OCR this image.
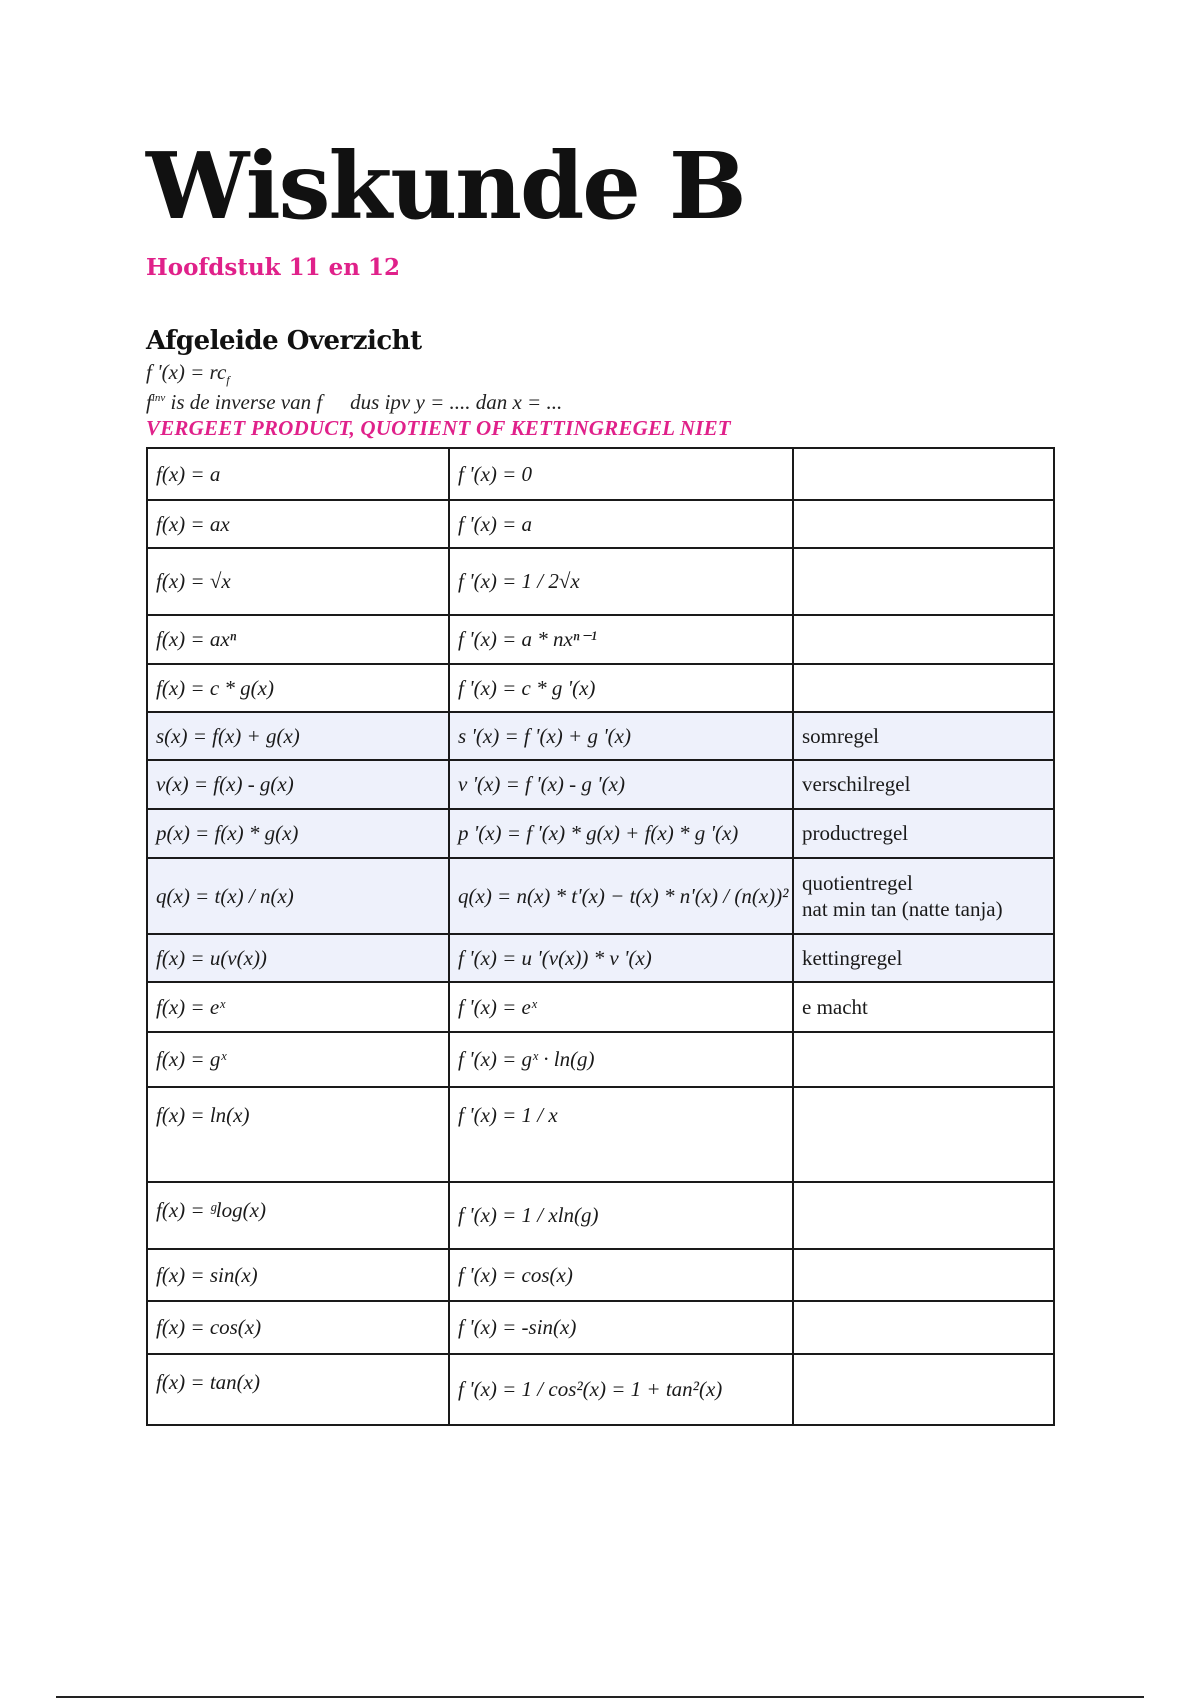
Wiskunde B
Hoofdstuk 11 en 12
Afgeleide Overzicht
f '$(x) = rc_f$
$f^{inv}$ is de inverse van f dus ipv y = .... dan x = ...
VERGEET PRODUCT, QUOTIENT OF KETTINGREGEL NIET
f(x) = a	f '(x) = 0	
f(x) = ax	f '(x) = a	
f(x) = √x	f '(x) = 1 / 2√x	
f(x) = axⁿ	f '(x) = a * nxⁿ⁻¹	
f(x) = c * g(x)	f '(x) = c * g '(x)	
s(x) = f(x) + g(x)	s '(x) = f '(x) + g '(x)	somregel
v(x) = f(x) - g(x)	v '(x) = f '(x) - g '(x)	verschilregel
p(x) = f(x) * g(x)	p '(x) = f '(x) * g(x) + f(x) * g '(x)	productregel
q(x) = t(x) / n(x)	q(x) = n(x) * t'(x) − t(x) * n'(x) / (n(x))²	quotientregel
nat min tan (natte tanja)

f(x) = u(v(x))	f '(x) = u '(v(x)) * v '(x)	kettingregel
f(x) = eˣ	f '(x) = eˣ	e macht
f(x) = gˣ	f '(x) = gˣ · ln(g)	
f(x) = ln(x)	f '(x) = 1 / x	
f(x) = ᵍlog(x)	f '(x) = 1 / xln(g)	
f(x) = sin(x)	f '(x) = cos(x)	
f(x) = cos(x)	f '(x) = -sin(x)	
f(x) = tan(x)	f '(x) = 1 / cos²(x) = 1 + tan²(x)	
